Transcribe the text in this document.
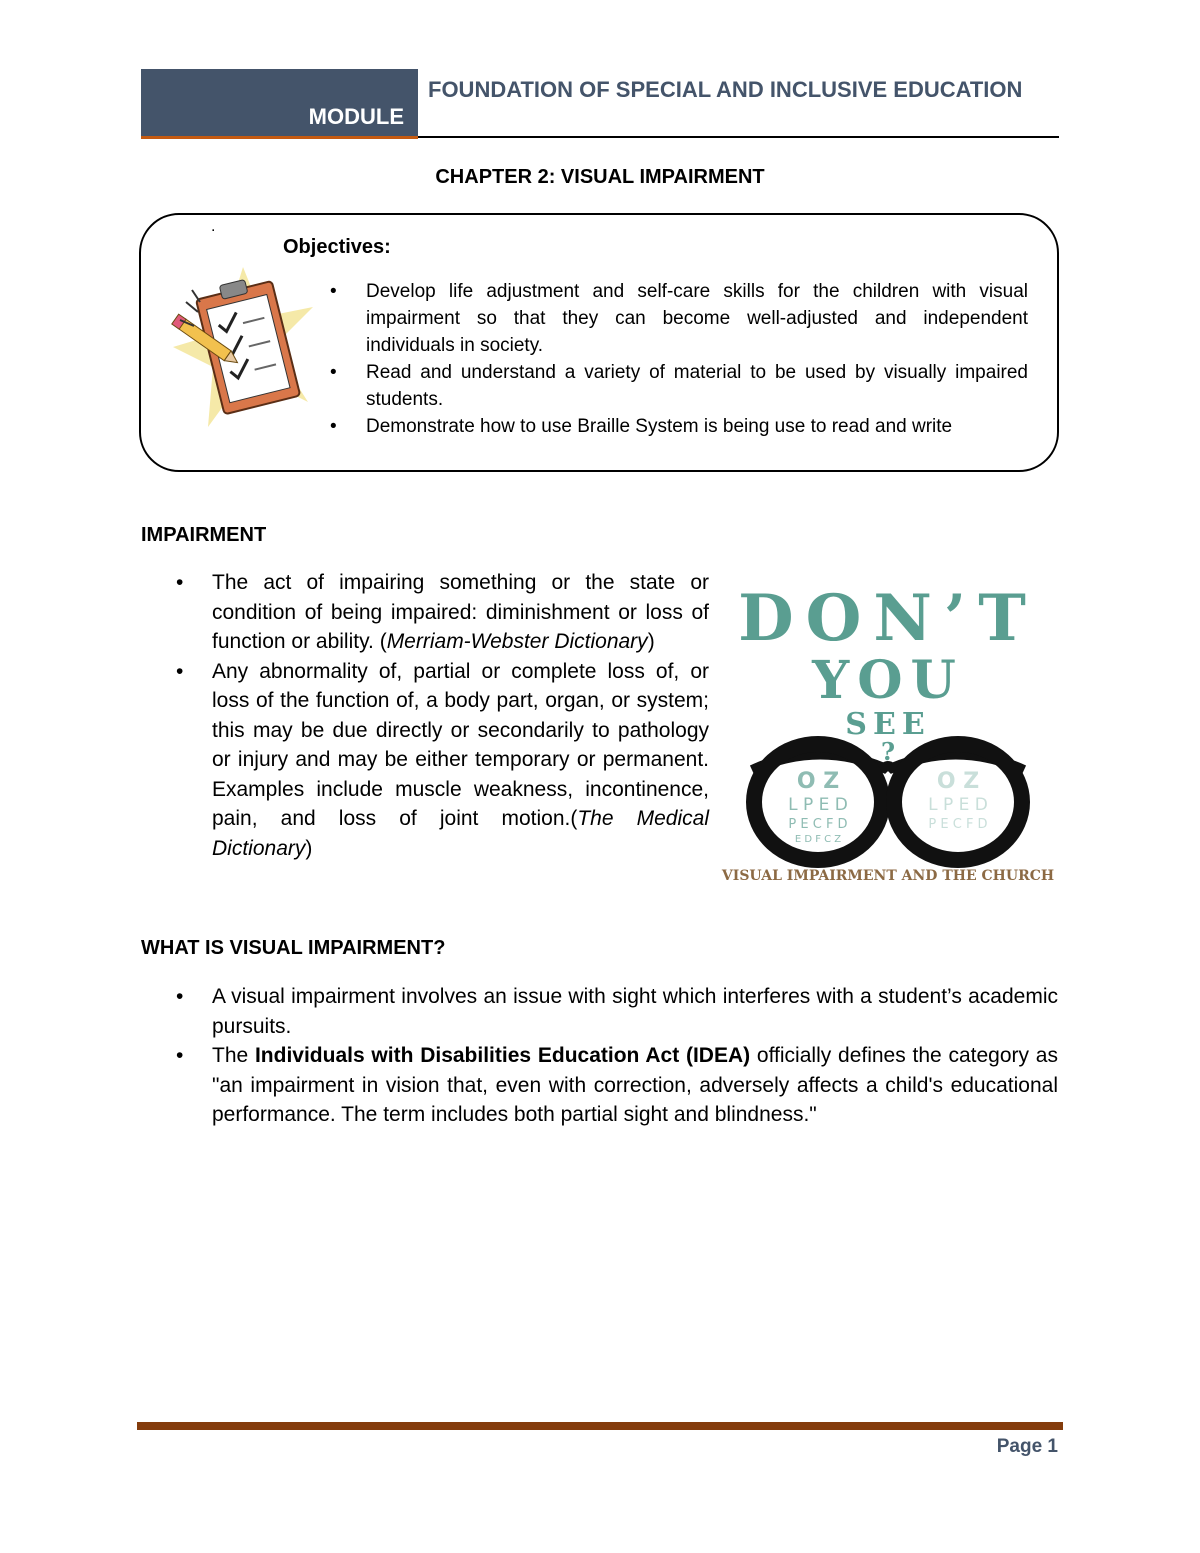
MODULE
FOUNDATION OF SPECIAL AND INCLUSIVE EDUCATION
CHAPTER 2: VISUAL IMPAIRMENT
.
Objectives:
• Develop life adjustment and self-care skills for the children with visual impairment so that they can become well-adjusted and independent individuals in society.
• Read and understand a variety of material to be used by visually impaired students.
• Demonstrate how to use Braille System is being use to read and write
IMPAIRMENT
• The act of impairing something or the state or condition of being impaired: diminishment or loss of function or ability. (Merriam-Webster Dictionary)
• Any abnormality of, partial or complete loss of, or loss of the function of, a body part, organ, or system; this may be due directly or secondarily to pathology or injury and may be either temporary or permanent. Examples include muscle weakness, incontinence, pain, and loss of joint motion.(The Medical Dictionary)
DON’T
YOU
SEE
?
O Z
L P E D
P E C F D
E D F C Z
O Z
L P E D
P E C F D
VISUAL IMPAIRMENT AND THE CHURCH
WHAT IS VISUAL IMPAIRMENT?
• A visual impairment involves an issue with sight which interferes with a student’s academic pursuits.
• The Individuals with Disabilities Education Act (IDEA) officially defines the category as "an impairment in vision that, even with correction, adversely affects a child's educational performance. The term includes both partial sight and blindness."
Page 1
